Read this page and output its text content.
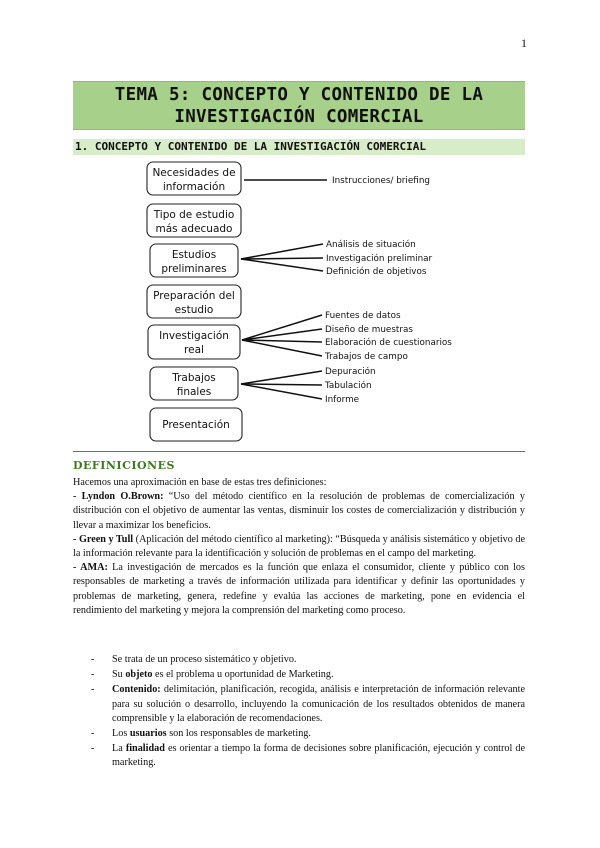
1
TEMA 5: CONCEPTO Y CONTENIDO DE LA
INVESTIGACIÓN COMERCIAL
1. CONCEPTO Y CONTENIDO DE LA INVESTIGACIÓN COMERCIAL
Necesidades de
información
Tipo de estudio
más adecuado
Estudios
preliminares
Preparación del
estudio
Investigación
real
Trabajos
finales
Presentación
Instrucciones/ briefing
Análisis de situación
Investigación preliminar
Definición de objetivos
Fuentes de datos
Diseño de muestras
Elaboración de cuestionarios
Trabajos de campo
Depuración
Tabulación
Informe
DEFINICIONES

Hacemos una aproximación en base de estas tres definiciones:

- Lyndon O.Brown: “Uso del método científico en la resolución de problemas de comercialización y distribución con el objetivo de aumentar las ventas, disminuir los costes de comercialización y distribución y llevar a maximizar los beneficios.

- Green y Tull (Aplicación del método científico al marketing): “Búsqueda y análisis sistemático y objetivo de la información relevante para la identificación y solución de problemas en el campo del marketing.

- AMA: La investigación de mercados es la función que enlaza el consumidor, cliente y público con los responsables de marketing a través de información utilizada para identificar y definir las oportunidades y problemas de marketing, genera, redefine y evalúa las acciones de marketing, pone en evidencia el rendimiento del marketing y mejora la comprensión del marketing como proceso.

- Se trata de un proceso sistemático y objetivo.
- Su objeto es el problema u oportunidad de Marketing.
- Contenido: delimitación, planificación, recogida, análisis e interpretación de información relevante para su solución o desarrollo, incluyendo la comunicación de los resultados obtenidos de manera comprensible y la elaboración de recomendaciones.
- Los usuarios son los responsables de marketing.
- La finalidad es orientar a tiempo la forma de decisiones sobre planificación, ejecución y control de marketing.
